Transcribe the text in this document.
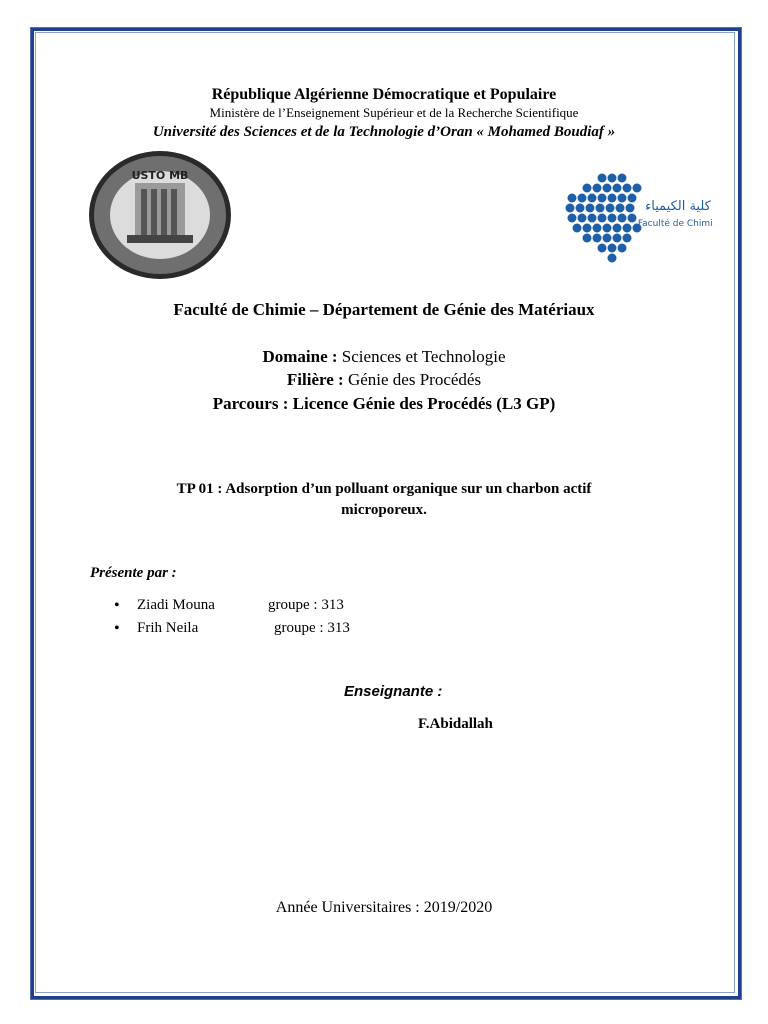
République Algérienne Démocratique et Populaire
Ministère de l’Enseignement Supérieur et de la Recherche Scientifique
Université des Sciences et de la Technologie d’Oran « Mohamed Boudiaf »
USTO MB
كلية الكيمياء
Faculté de Chimie
Faculté de Chimie – Département de Génie des Matériaux
Domaine : Sciences et Technologie
Filière : Génie des Procédés
Parcours : Licence Génie des Procédés (L3 GP)
TP 01 : Adsorption d’un polluant organique sur un charbon actif
microporeux.
Présente par :
• Ziadi Mouna	groupe : 313
• Frih Neila	groupe : 313
Enseignante :
F.Abidallah
Année Universitaires : 2019/2020
